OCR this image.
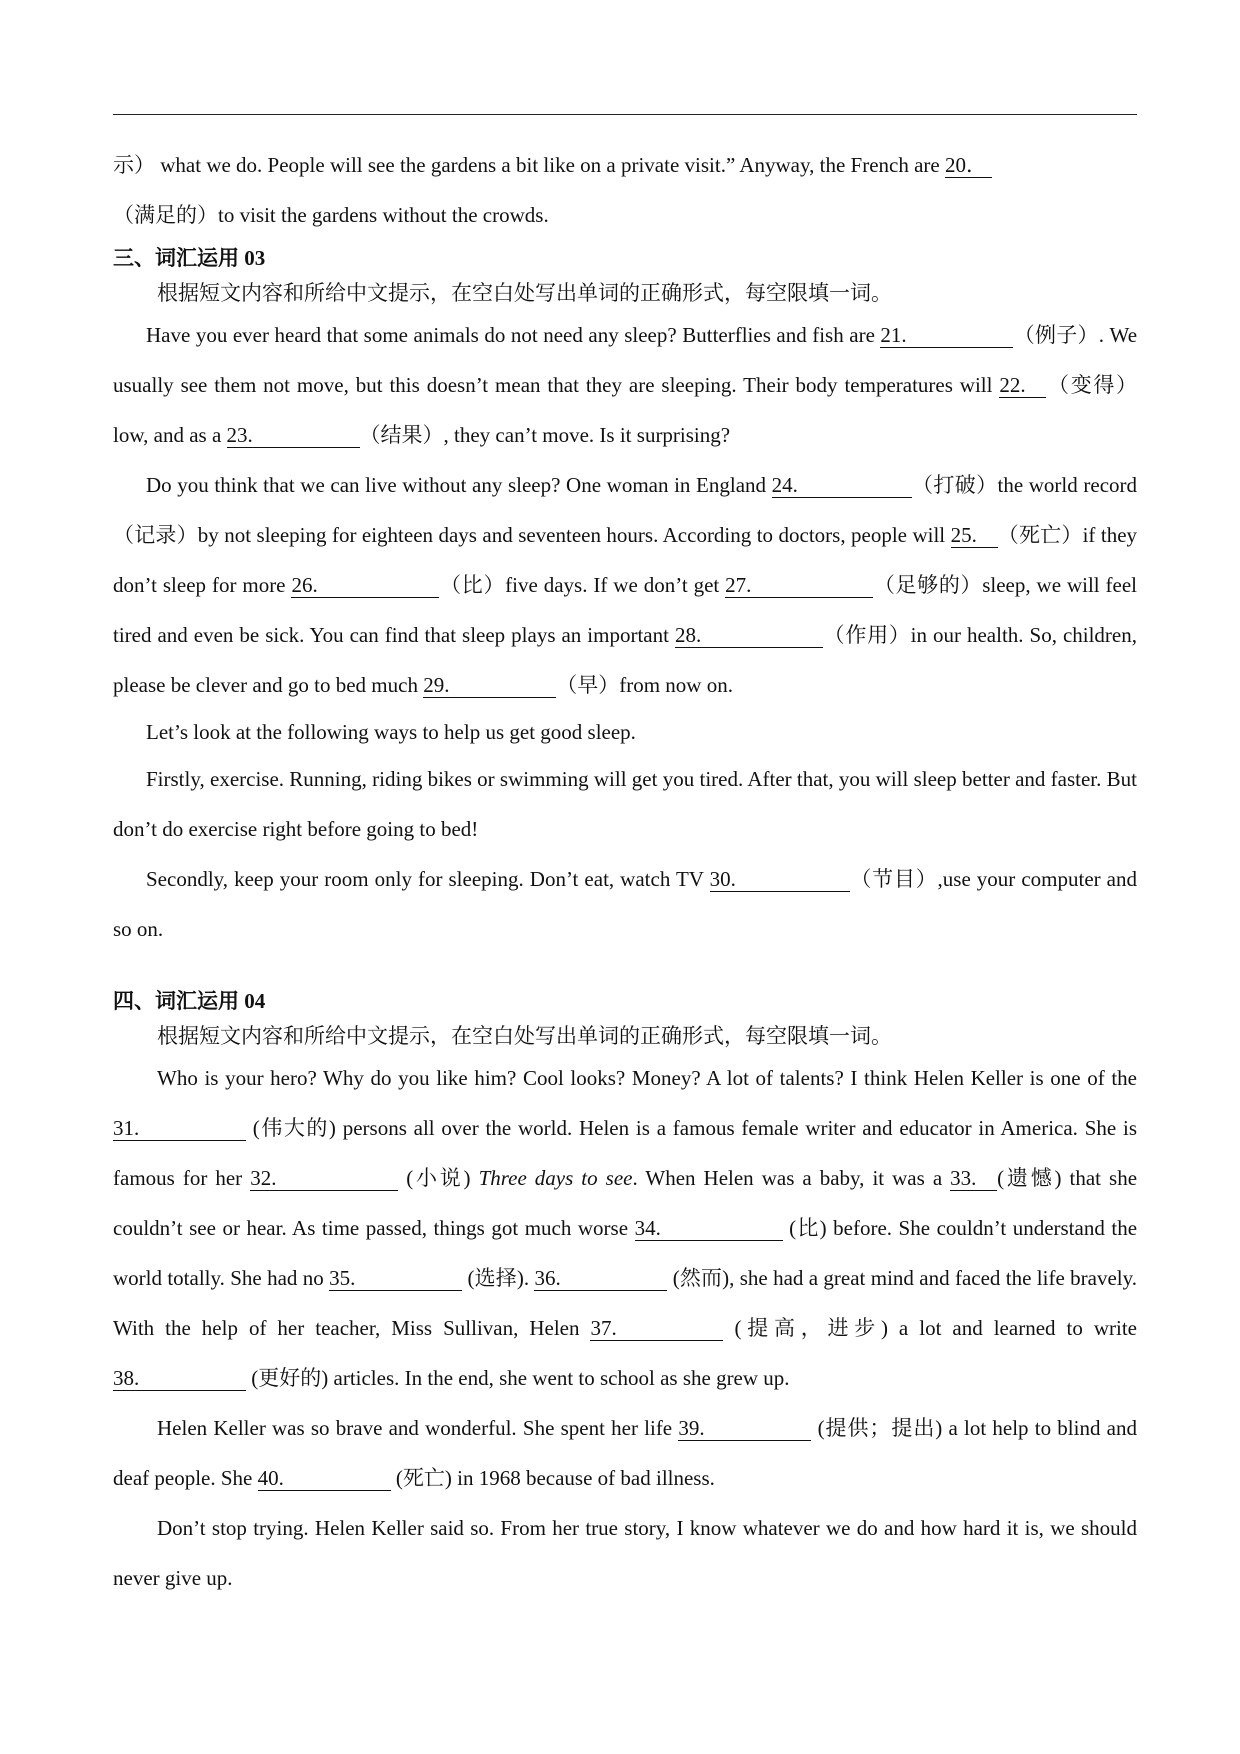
示） what we do. People will see the gardens a bit like on a private visit.” Anyway, the French are 20．
（满足的）to visit the gardens without the crowds.

三、词汇运用 03

根据短文内容和所给中文提示，在空白处写出单词的正确形式，每空限填一词。

Have you ever heard that some animals do not need any sleep? Butterflies and fish are 21.	（例子）. We usually see them not move, but this doesn’t mean that they are sleeping. Their body temperatures will 22. （变得）low, and as a 23.	（结果）, they can’t move. Is it surprising?

Do you think that we can live without any sleep? One woman in England 24.	（打破）the world record（记录）by not sleeping for eighteen days and seventeen hours. According to doctors, people will 25. （死亡）if they don’t sleep for more 26.	（比）five days. If we don’t get 27.	（足够的）sleep, we will feel tired and even be sick. You can find that sleep plays an important 28.	（作用）in our health. So, children, please be clever and go to bed much 29.	（早）from now on.

Let’s look at the following ways to help us get good sleep.

Firstly, exercise. Running, riding bikes or swimming will get you tired. After that, you will sleep better and faster. But don’t do exercise right before going to bed!

Secondly, keep your room only for sleeping. Don’t eat, watch TV 30.	（节目）,use your computer and so on.

四、词汇运用 04

根据短文内容和所给中文提示，在空白处写出单词的正确形式，每空限填一词。

Who is your hero? Why do you like him? Cool looks? Money? A lot of talents? I think Helen Keller is one of the 31.	(伟大的) persons all over the world. Helen is a famous female writer and educator in America. She is famous for her 32.	(小说) Three days to see. When Helen was a baby, it was a 33. (遗憾) that she couldn’t see or hear. As time passed, things got much worse 34.	(比) before. She couldn’t understand the world totally. She had no 35.	(选择). 36.	(然而), she had a great mind and faced the life bravely. With the help of her teacher, Miss Sullivan, Helen 37.	(提高，进步) a lot and learned to write 38.	(更好的) articles. In the end, she went to school as she grew up.

Helen Keller was so brave and wonderful. She spent her life 39.	(提供；提出) a lot help to blind and deaf people. She 40.	(死亡) in 1968 because of bad illness.

Don’t stop trying. Helen Keller said so. From her true story, I know whatever we do and how hard it is, we should never give up.
